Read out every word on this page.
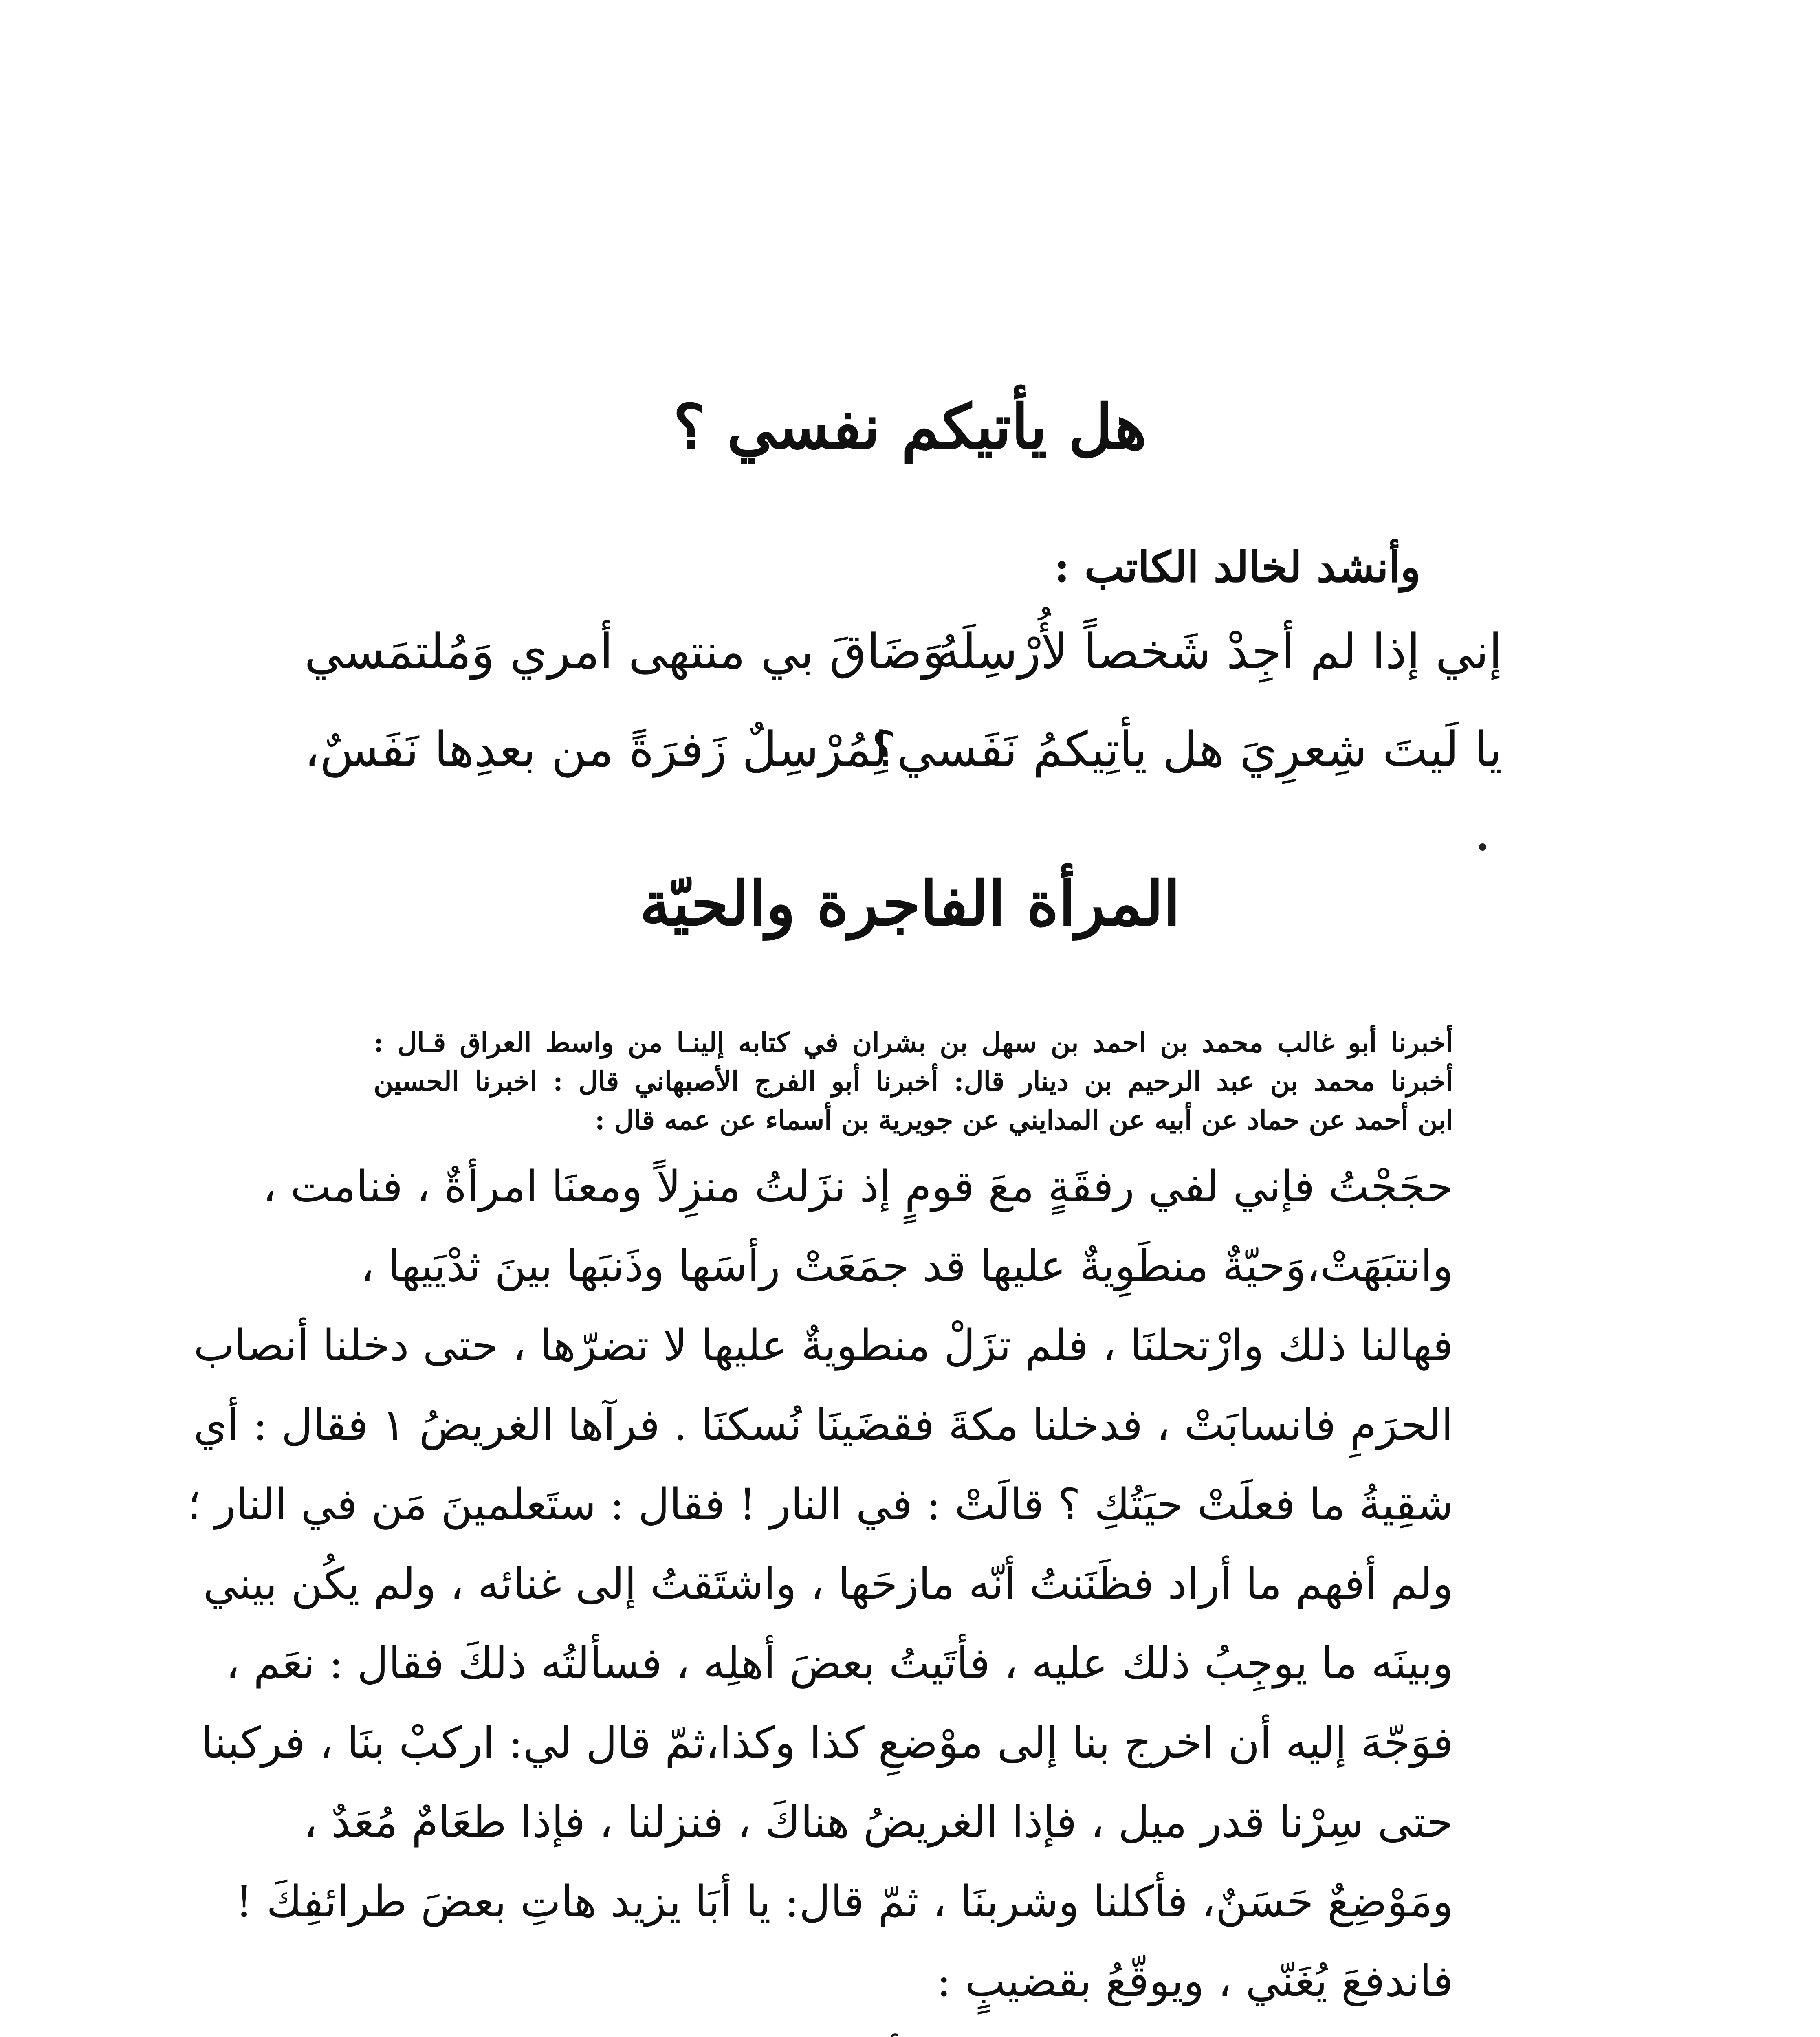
هل يأتيكم نفسي ؟
وأنشد لخالد الكاتب :
إني إذا لم أجِدْ شَخصاً لأُرْسِلَهُ
وَضَاقَ بي منتهى أمري وَمُلتمَسي
يا لَيتَ شِعرِيَ هل يأتِيكمُ نَفَسي؟
لِمُرْسِلٌ زَفرَةً من بعدِها نَفَسٌ،
المرأة الفاجرة والحيّة
أخبرنا أبو غالب محمد بن احمد بن سهل بن بشران في كتابه إلينـا من واسط العراق قـال :
أخبرنا محمد بن عبد الرحيم بن دينار قال: أخبرنا أبو الفرج الأصبهاني قال : اخبرنا الحسين
ابن أحمد عن حماد عن أبيه عن المدايني عن جويرية بن أسماء عن عمه قال :
حجَجْتُ فإني لفي رفقَةٍ معَ قومٍ إذ نزَلتُ منزِلاً ومعنَا امرأةٌ ، فنامت ،
وانتبَهَتْ،وَحيّةٌ منطَوِيةٌ عليها قد جمَعَتْ رأسَها وذَنبَها بينَ ثدْيَيها ،
فهالنا ذلك وارْتحلنَا ، فلم تزَلْ منطويةٌ عليها لا تضرّها ، حتى دخلنا أنصاب
الحرَمِ فانسابَتْ ، فدخلنا مكةَ فقضَينَا نُسكنَا . فرآها الغريضُ ١ فقال : أي
شقِيةُ ما فعلَتْ حيَتُكِ ؟ قالَتْ : في النار ! فقال : ستَعلمينَ مَن في النار ؛
ولم أفهم ما أراد فظَنَنتُ أنّه مازحَها ، واشتَقتُ إلى غنائه ، ولم يكُن بيني
وبينَه ما يوجِبُ ذلك عليه ، فأتَيتُ بعضَ أهلِه ، فسألتُه ذلكَ فقال : نعَم ،
فوَجّهَ إليه أن اخرج بنا إلى موْضعِ كذا وكذا،ثمّ قال لي: اركبْ بنَا ، فركبنا
حتى سِرْنا قدر ميل ، فإذا الغريضُ هناكَ ، فنزلنا ، فإذا طعَامٌ مُعَدٌ ،
ومَوْضِعٌ حَسَنٌ، فأكلنا وشربنَا ، ثمّ قال: يا أبَا يزيد هاتِ بعضَ طرائفِكَ !
فاندفعَ يُغَنّي ، ويوقّعُ بقضيبٍ :
